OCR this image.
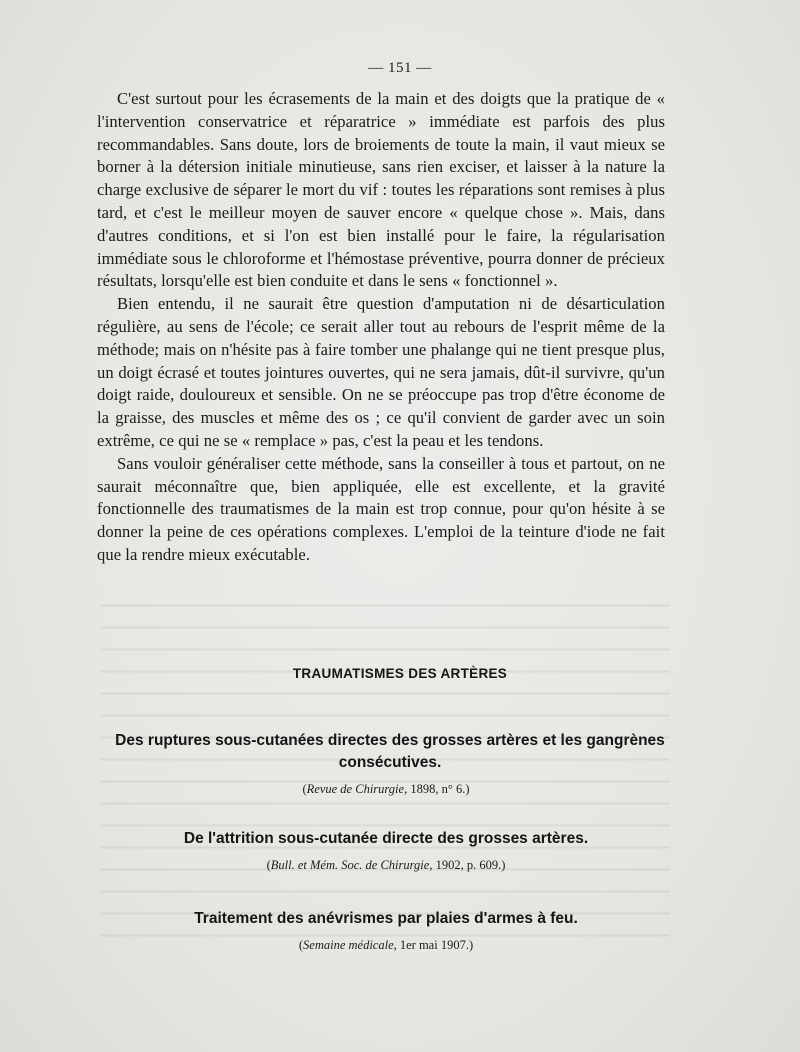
— 151 —

C'est surtout pour les écrasements de la main et des doigts que la pratique de « l'intervention conservatrice et réparatrice » immédiate est parfois des plus recommandables. Sans doute, lors de broiements de toute la main, il vaut mieux se borner à la détersion initiale minutieuse, sans rien exciser, et laisser à la nature la charge exclusive de séparer le mort du vif : toutes les réparations sont remises à plus tard, et c'est le meilleur moyen de sauver encore « quelque chose ». Mais, dans d'autres conditions, et si l'on est bien installé pour le faire, la régularisation immédiate sous le chloroforme et l'hémostase préventive, pourra donner de précieux résultats, lorsqu'elle est bien conduite et dans le sens « fonctionnel ».

Bien entendu, il ne saurait être question d'amputation ni de désarticulation régulière, au sens de l'école; ce serait aller tout au rebours de l'esprit même de la méthode; mais on n'hésite pas à faire tomber une phalange qui ne tient presque plus, un doigt écrasé et toutes jointures ouvertes, qui ne sera jamais, dût-il survivre, qu'un doigt raide, douloureux et sensible. On ne se préoccupe pas trop d'être économe de la graisse, des muscles et même des os ; ce qu'il convient de garder avec un soin extrême, ce qui ne se « remplace » pas, c'est la peau et les tendons.

Sans vouloir généraliser cette méthode, sans la conseiller à tous et partout, on ne saurait méconnaître que, bien appliquée, elle est excellente, et la gravité fonctionnelle des traumatismes de la main est trop connue, pour qu'on hésite à se donner la peine de ces opérations complexes. L'emploi de la teinture d'iode ne fait que la rendre mieux exécutable.

TRAUMATISMES DES ARTÈRES
Des ruptures sous-cutanées directes des grosses artères et les gangrènes consécutives.
(Revue de Chirurgie, 1898, n° 6.)
De l'attrition sous-cutanée directe des grosses artères.
(Bull. et Mém. Soc. de Chirurgie, 1902, p. 609.)
Traitement des anévrismes par plaies d'armes à feu.
(Semaine médicale, 1er mai 1907.)
